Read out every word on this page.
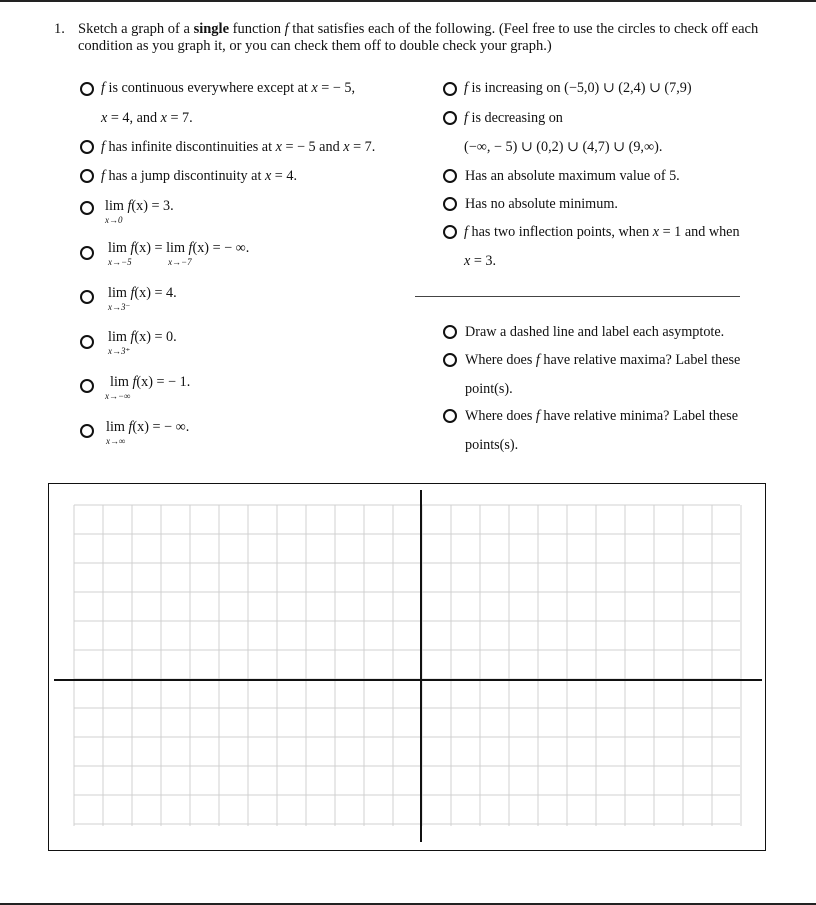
1. Sketch a graph of a single function f that satisfies each of the following. (Feel free to use the circles to check off each condition as you graph it, or you can check them off to double check your graph.)
f is continuous everywhere except at x = − 5,
x = 4, and x = 7.
f has infinite discontinuities at x = − 5 and x = 7.
f has a jump discontinuity at x = 4.
lim
x→0
f(x) = 3.
lim
x→−5
f(x) = lim
x→−7
f(x) = − ∞.
lim
x→3⁻
f(x) = 4.
lim
x→3⁺
f(x) = 0.
lim
x→−∞
f(x) = − 1.
lim
x→∞
f(x) = − ∞.
f is increasing on (−5,0) ∪ (2,4) ∪ (7,9)
f is decreasing on
(−∞, − 5) ∪ (0,2) ∪ (4,7) ∪ (9,∞).
Has an absolute maximum value of 5.
Has no absolute minimum.
f has two inflection points, when x = 1 and when
x = 3.
Draw a dashed line and label each asymptote.
Where does f have relative maxima? Label these
point(s).
Where does f have relative minima? Label these
points(s).
